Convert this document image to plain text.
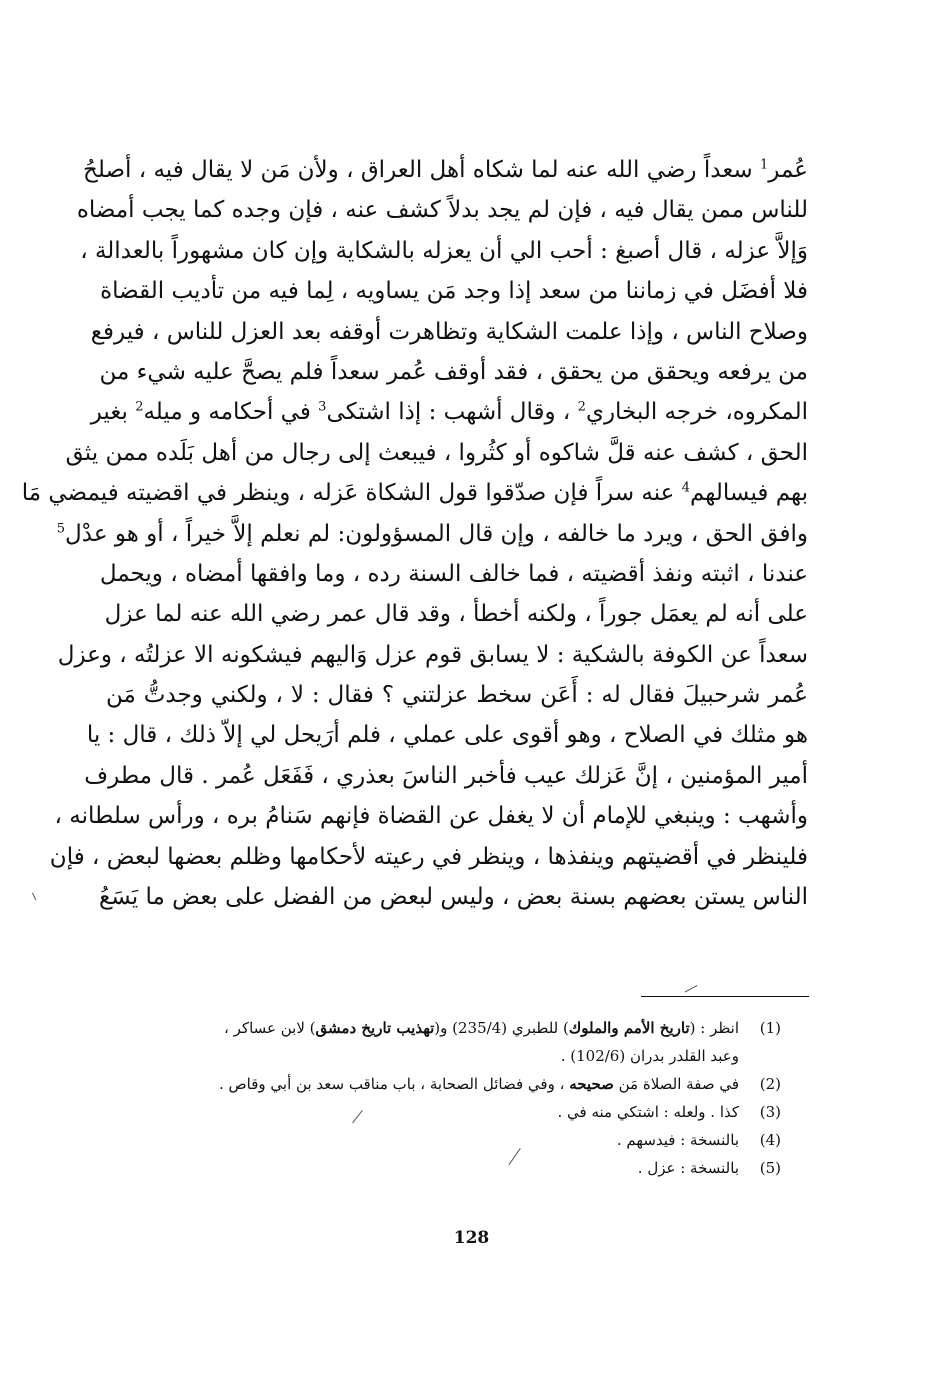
عُمر$^1$ سعداً رضي الله عنه لما شكاه أهل العراق ، ولأن مَن لا يقال فيه ، أصلحُ
للناس ممن يقال فيه ، فإن لم يجد بدلاً كشف عنه ، فإن وجده كما يجب أمضاه
وَإلاَّ عزله ، قال أصبغ : أحب الي أن يعزله بالشكاية وإن كان مشهوراً بالعدالة ،
فلا أفضَل في زماننا من سعد إذا وجد مَن يساويه ، لِما فيه من تأديب القضاة
وصلاح الناس ، وإذا علمت الشكاية وتظاهرت أوقفه بعد العزل للناس ، فيرفع
من يرفعه ويحقق من يحقق ، فقد أوقف عُمر سعداً فلم يصحَّ عليه شيء من
المكروه، خرجه البخاري$^2$ ، وقال أشهب : إذا اشتكى$^3$ في أحكامه و ميله$^2$ بغير
الحق ، كشف عنه قلَّ شاكوه أو كثُروا ، فيبعث إلى رجال من أهل بَلَده ممن يثق
بهم فيسالهم$^4$ عنه سراً فإن صدّقوا قول الشكاة عَزله ، وينظر في اقضيته فيمضي مَا
وافق الحق ، ويرد ما خالفه ، وإن قال المسؤولون: لم نعلم إلاَّ خيراً ، أو هو عدْل$^5$
عندنا ، اثبته ونفذ أقضيته ، فما خالف السنة رده ، وما وافقها أمضاه ، ويحمل
على أنه لم يعمَل جوراً ، ولكنه أخطأ ، وقد قال عمر رضي الله عنه لما عزل
سعداً عن الكوفة بالشكية : لا يسابق قوم عزل وَاليهم فيشكونه الا عزلتُه ، وعزل
عُمر شرحبيلَ فقال له : أَعَن سخط عزلتني ؟ فقال : لا ، ولكني وجدتُّ مَن
هو مثلك في الصلاح ، وهو أقوى على عملي ، فلم أرَيحل لي إلاّ ذلك ، قال : يا
أمير المؤمنين ، إنَّ عَزلك عيب فأخبر الناسَ بعذري ، فَفَعَل عُمر . قال مطرف
وأشهب : وينبغي للإمام أن لا يغفل عن القضاة فإنهم سَنامُ بره ، ورأس سلطانه ،
فلينظر في أقضيتهم وينفذها ، وينظر في رعيته لأحكامها وظلم بعضها لبعض ، فإن
الناس يستن بعضهم بسنة بعض ، وليس لبعض من الفضل على بعض ما يَسَعُ
(1)
انظر : (تاريخ الأمم والملوك) للطبري (235/4) و(تهذيب تاريخ دمشق) لابن عساكر ،
وعبد القلدر بدران (102/6) .
(2)
في صفة الصلاة مَن صحيحه ، وفي فضائل الصحابة ، باب مناقب سعد بن أبي وقاص .
(3)
كذا . ولعله : اشتكي منه في .
(4)
بالنسخة : فيدسهم .
(5)
بالنسخة : عزل .
128
